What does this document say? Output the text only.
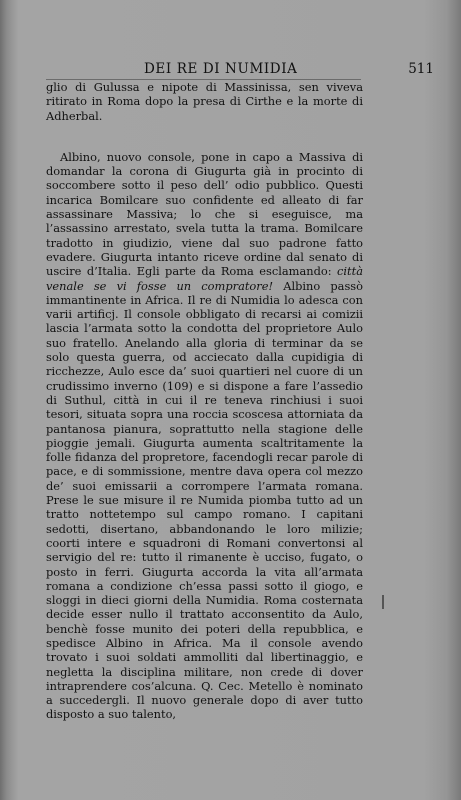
DEI RE DI NUMIDIA	511

glio di Gulussa e nipote di Massinissa, sen viveva ritirato in Roma dopo la presa di Cirthe e la morte di Adherbal.

Albino, nuovo console, pone in capo a Massiva di domandar la corona di Giugurta già in procinto di soccombere sotto il peso dell’ odio pubblico. Questi incarica Bomilcare suo confidente ed alleato di far assassinare Massiva; lo che si eseguisce, ma l’assassino arrestato, svela tutta la trama. Bomilcare tradotto in giudizio, viene dal suo padrone fatto evadere. Giugurta intanto riceve ordine dal senato di uscire d’Italia. Egli parte da Roma esclamando: città venale se vi fosse un compratore! Albino passò immantinente in Africa. Il re di Numidia lo adesca con varii artificj. Il console obbligato di recarsi ai comizii lascia l’armata sotto la condotta del proprietore Aulo suo fratello. Anelando alla gloria di terminar da se solo questa guerra, od acciecato dalla cupidigia di ricchezze, Aulo esce da’ suoi quartieri nel cuore di un crudissimo inverno (109) e si dispone a fare l’assedio di Suthul, città in cui il re teneva rinchiusi i suoi tesori, situata sopra una roccia scoscesa attorniata da pantanosa pianura, soprattutto nella stagione delle pioggie jemali. Giugurta aumenta scaltritamente la folle fidanza del propretore, facendogli recar parole di pace, e di sommissione, mentre dava opera col mezzo de’ suoi emissarii a corrompere l’armata romana. Prese le sue misure il re Numida piomba tutto ad un tratto nottetempo sul campo romano. I capitani sedotti, disertano, abbandonando le loro milizie; coorti intere e squadroni di Romani convertonsi al servigio del re: tutto il rimanente è ucciso, fugato, o posto in ferri. Giugurta accorda la vita all’armata romana a condizione ch’essa passi sotto il giogo, e sloggi in dieci giorni della Numidia. Roma costernata decide esser nullo il trattato acconsentito da Aulo, benchè fosse munito dei poteri della repubblica, e spedisce Albino in Africa. Ma il console avendo trovato i suoi soldati ammolliti dal libertinaggio, e negletta la disciplina militare, non crede di dover intraprendere cos’alcuna. Q. Cec. Metello è nominato a succedergli. Il nuovo generale dopo di aver tutto disposto a suo talento,
